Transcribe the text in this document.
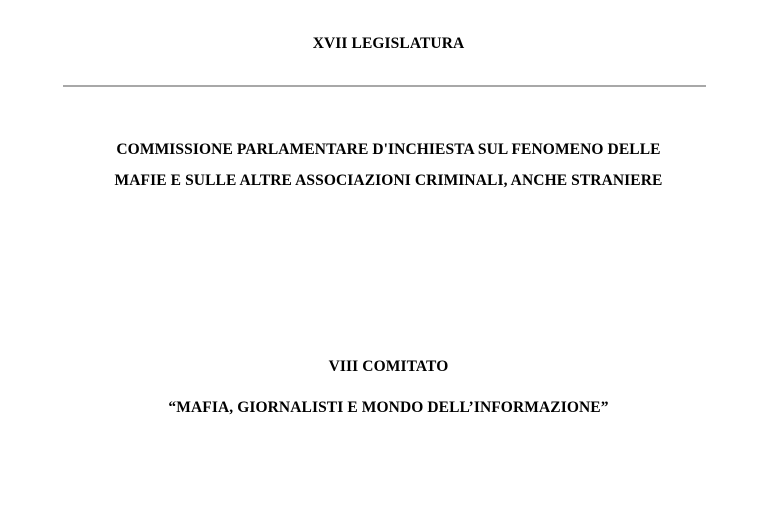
XVII LEGISLATURA
COMMISSIONE PARLAMENTARE D'INCHIESTA SUL FENOMENO DELLE
MAFIE E SULLE ALTRE ASSOCIAZIONI CRIMINALI, ANCHE STRANIERE
VIII COMITATO
“MAFIA, GIORNALISTI E MONDO DELL’INFORMAZIONE”
